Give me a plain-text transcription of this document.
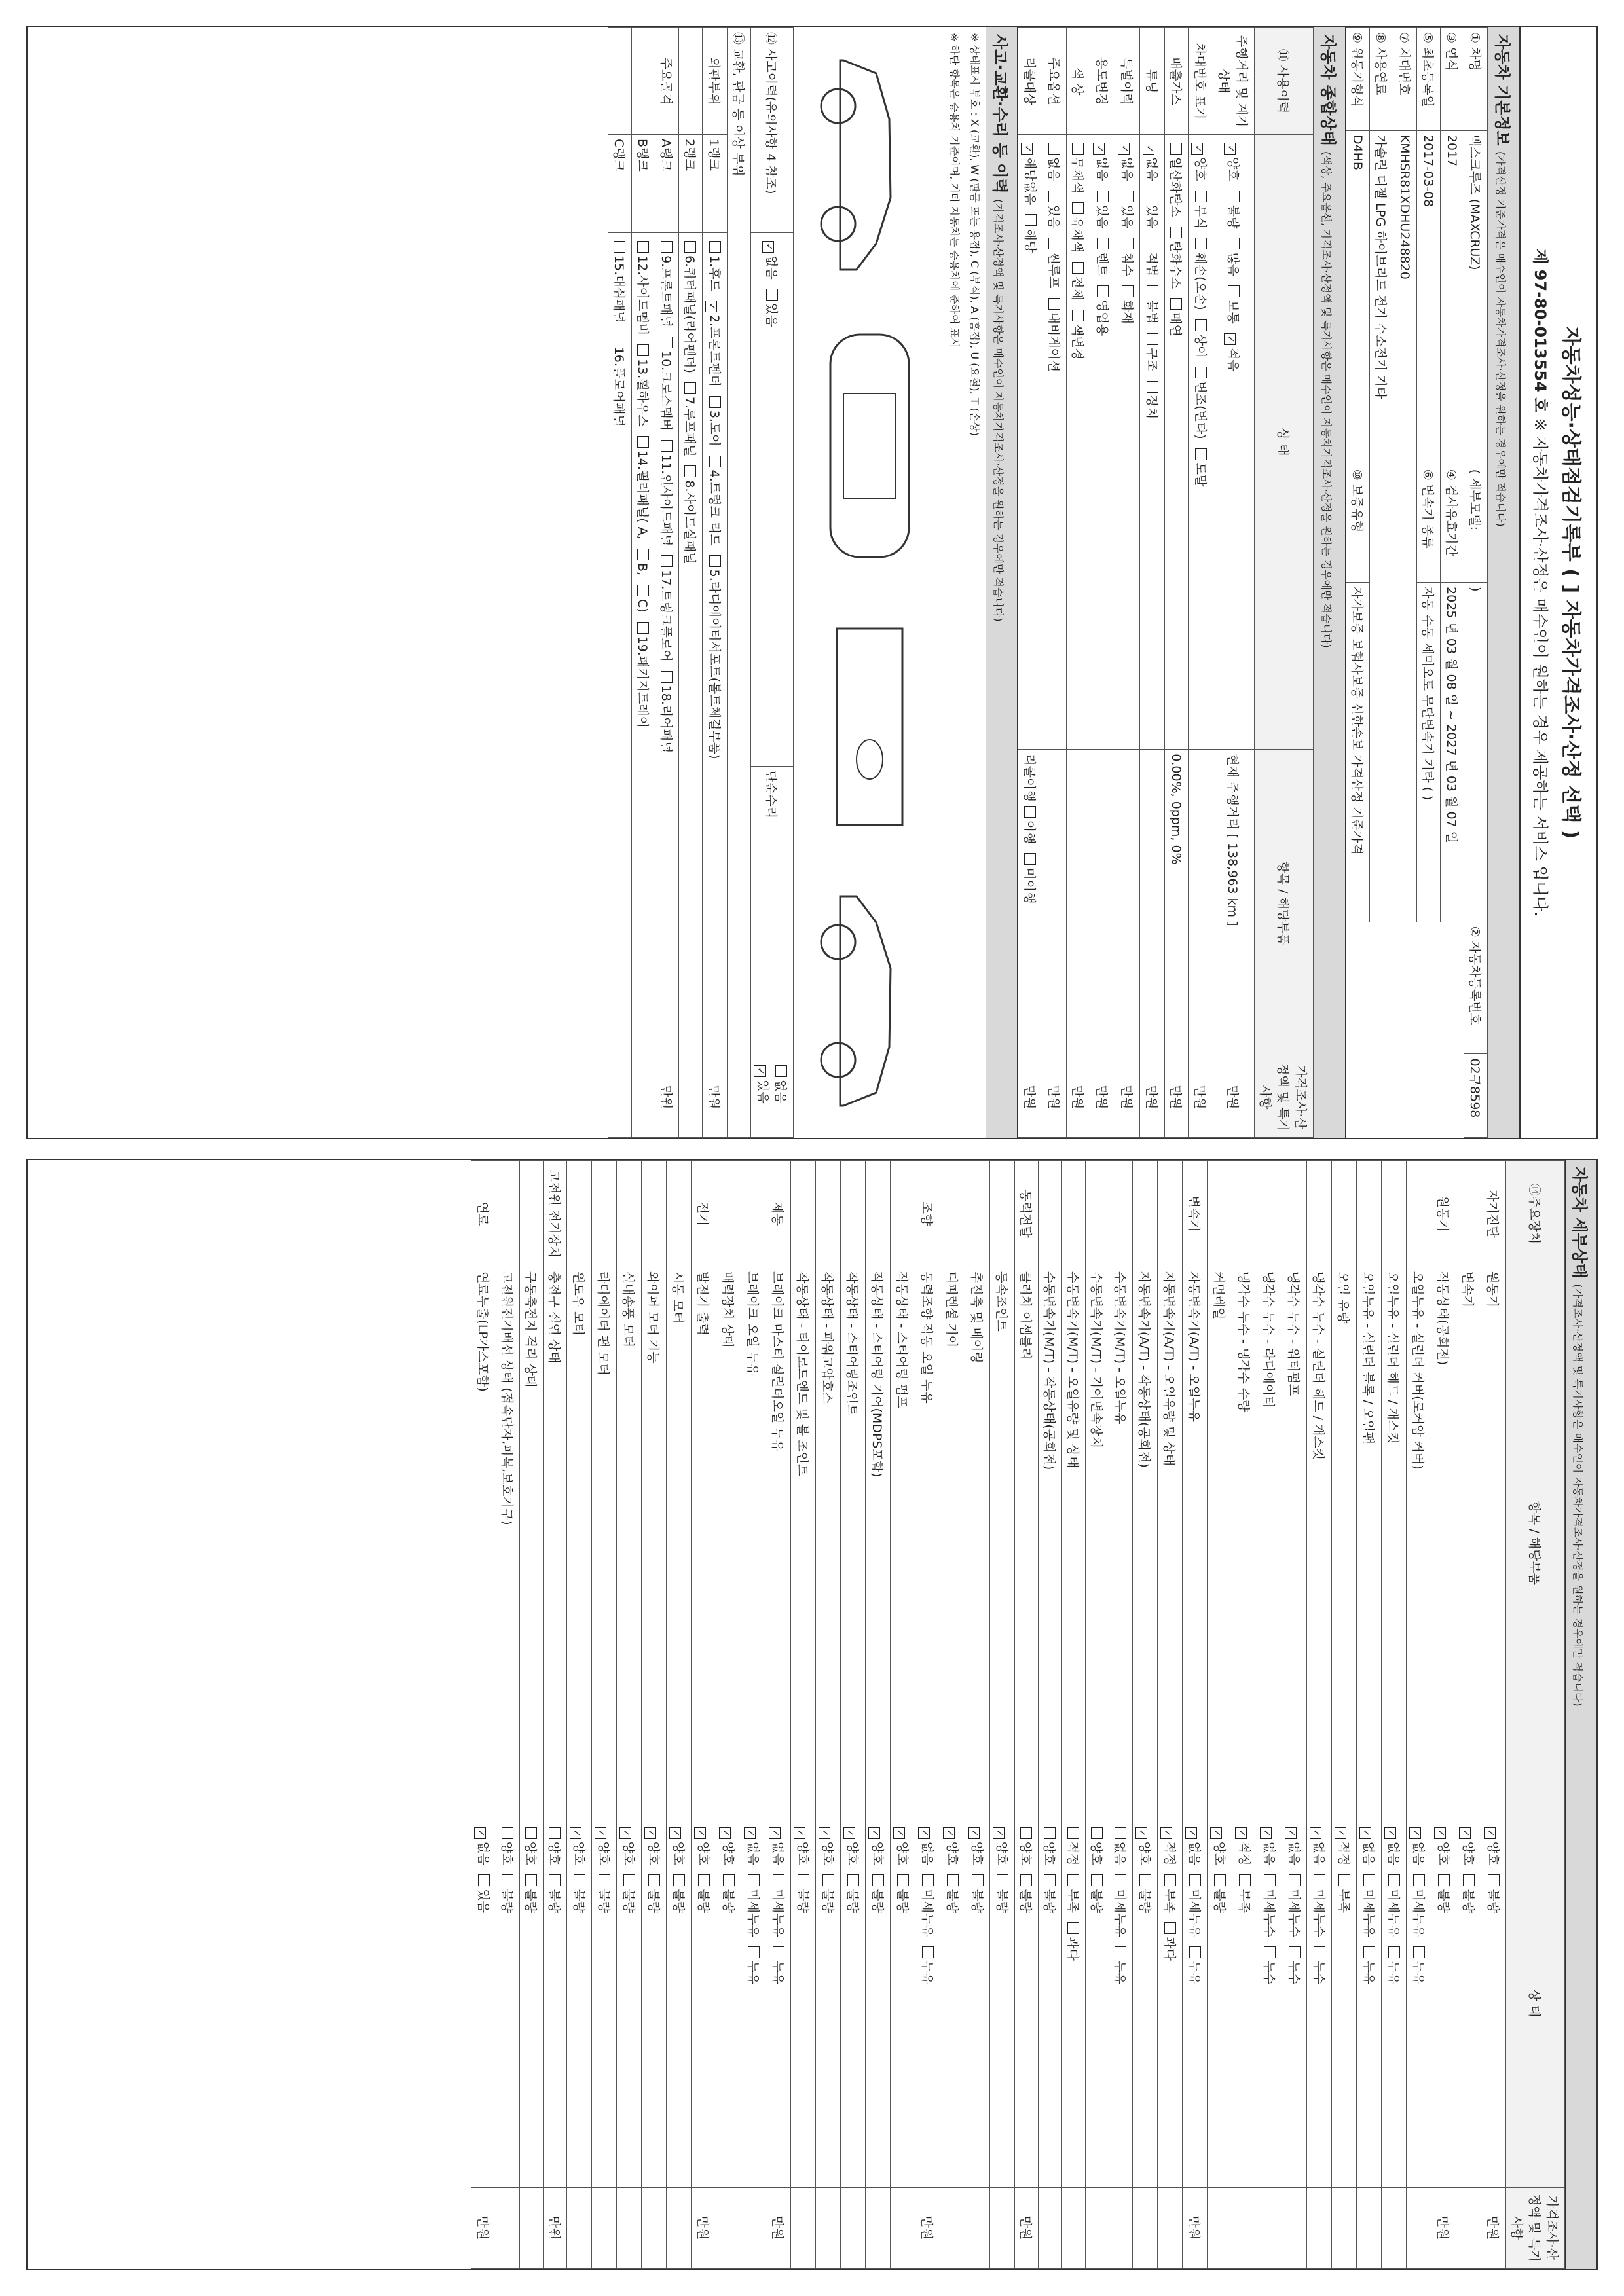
자동차성능·상태점검기록부 ( ] 자동차가격조사·산정 선택 )
제 97-80-013554 호 ※ 자동차가격조사·산정은 매수인이 원하는 경우 제공하는 서비스 입니다.
자동차 기본정보 (가격산정 기준가격은 매수인이 자동차가격조사·산정을 원하는 경우에만 적습니다)
① 차명	맥스크루즈 (MAXCRUZ)	( 세부모델:	)	② 자동차등록번호	02구8598
③ 연식	2017	④ 검사유효기간	2025 년 03 월 08 일 ~ 2027 년 03 월 07 일		
⑤ 최초등록일	2017-03-08	⑥ 변속기 종류	자동 수동 세미오토 무단변속기 기타 ( )		
⑦ 차대번호	KMHSR81XDHU248820				
⑧ 사용연료	가솔린 디젤 LPG 하이브리드 전기 수소전기 기타				
⑨ 원동기형식	D4HB	⑩ 보증유형	자가보증 보험사보증 신한손보 가격산정 기준가격		
자동차 종합상태 (색상, 주요옵션, 가격조사·산정액 및 특기사항은 매수인이 자동차가격조사·산정을 원하는 경우에만 적습니다)
⑪ 사용이력	상 태	항목 / 해당부품	가격조사·산정액 및 특기사항
주행거리 및 계기상태	✓양호불량많음보통✓적음	현재 주행거리 [ 138,963 km ]	만원
차대번호 표기	✓양호부식훼손(오손)상이변조(변타)도말		만원
배출가스	일산화탄소탄화수소매연	0.00%, 0ppm, 0%	만원
튜닝	✓없음있음적법불법구조장치		만원
특별이력	✓없음있음침수화재		만원
용도변경	✓없음있음렌트영업용		만원
색 상	무채색유채색전체색변경		만원
주요옵션	없음있음썬루프내비게이션		만원
리콜대상	✓해당없음해당	리콜이행이행미이행	만원
사고·교환·수리 등 이력 (가격조사·산정액 및 특기사항은 매수인이 자동차가격조사·산정을 원하는 경우에만 적습니다)
※ 상태표시 부호 : X (교환), W (판금 또는 용접), C (부식), A (흠집), U (요철), T (손상)
※ 하단 항목은 승용차 기준이며, 기타 자동차는 승용차에 준하여 표시
⑫ 사고이력(유의사항 4 참조)	✓없음있음	단순수리	없음✓있음
⑬ 교환, 판금 등 이상 부위				
외판부위	1랭크	1.후드✓2.프론트펜더3.도어4.트렁크 리드5.라디에이터서포트(볼트체결부품)		만원
	2랭크	6.쿼터패널(리어펜더)7.루프패널8.사이드실패널		
주요골격	A랭크	9.프론트패널10.크로스멤버11.인사이드패널17.트렁크플로어18.리어패널		만원
	B랭크	12.사이드멤버13.휠하우스14.필러패널( A,B,C)19.패키지트레이		
	C랭크	15.대쉬패널16.플로어패널		
자동차 세부상태 (가격조사·산정액 및 특기사항은 매수인이 자동차가격조사·산정을 원하는 경우에만 적습니다)
⑭주요장치	항목 / 해당부품	상 태	가격조사·산정액 및 특기사항
자기진단	원동기	✓양호불량	만원
	변속기	✓양호불량	
원동기	작동상태(공회전)	✓양호불량	만원
	오일누유 - 실린더 커버(로커암 커버)	✓없음미세누유누유	
	오일누유 - 실린더 헤드 / 개스킷	✓없음미세누유누유	
	오일누유 - 실린더 블록 / 오일팬	✓없음미세누유누유	
	오일 유량	✓적정부족	
	냉각수 누수 - 실린더 헤드 / 개스킷	✓없음미세누수누수	
	냉각수 누수 - 워터펌프	✓없음미세누수누수	
	냉각수 누수 - 라디에이터	✓없음미세누수누수	
	냉각수 누수 - 냉각수 수량	✓적정부족	
	커먼레일	✓양호불량	
변속기	자동변속기(A/T) - 오일누유	✓없음미세누유누유	만원
	자동변속기(A/T) - 오일유량 및 상태	✓적정부족과다	
	자동변속기(A/T) - 작동상태(공회전)	✓양호불량	
	수동변속기(M/T) - 오일누유	없음미세누유누유	
	수동변속기(M/T) - 기어변속장치	양호불량	
	수동변속기(M/T) - 오일유량 및 상태	적정부족과다	
	수동변속기(M/T) - 작동상태(공회전)	양호불량	
동력전달	클러치 어셈블리	양호불량	만원
	등속조인트	✓양호불량	
	추진축 및 베어링	✓양호불량	
	디퍼렌셜 기어	✓양호불량	
조향	동력조향 작동 오일 누유	✓없음미세누유누유	만원
	작동상태 - 스티어링 펌프	✓양호불량	
	작동상태 - 스티어링 기어(MDPS포함)	✓양호불량	
	작동상태 - 스티어링조인트	✓양호불량	
	작동상태 - 파워고압호스	✓양호불량	
	작동상태 - 타이로드엔드 및 볼 조인트	✓양호불량	
제동	브레이크 마스터 실린더오일 누유	✓없음미세누유누유	만원
	브레이크 오일 누유	✓없음미세누유누유	
	배력장치 상태	✓양호불량	
전기	발전기 출력	✓양호불량	만원
	시동 모터	✓양호불량	
	와이퍼 모터 기능	✓양호불량	
	실내송풍 모터	✓양호불량	
	라디에이터 팬 모터	✓양호불량	
	윈도우 모터	✓양호불량	
고전원 전기장치	충전구 절연 상태	양호불량	만원
	구동축전지 격리 상태	양호불량	
	고전원전기배선 상태 (접속단자,피복,보호기구)	양호불량	
연료	연료누출(LP가스포함)	✓없음있음	만원
